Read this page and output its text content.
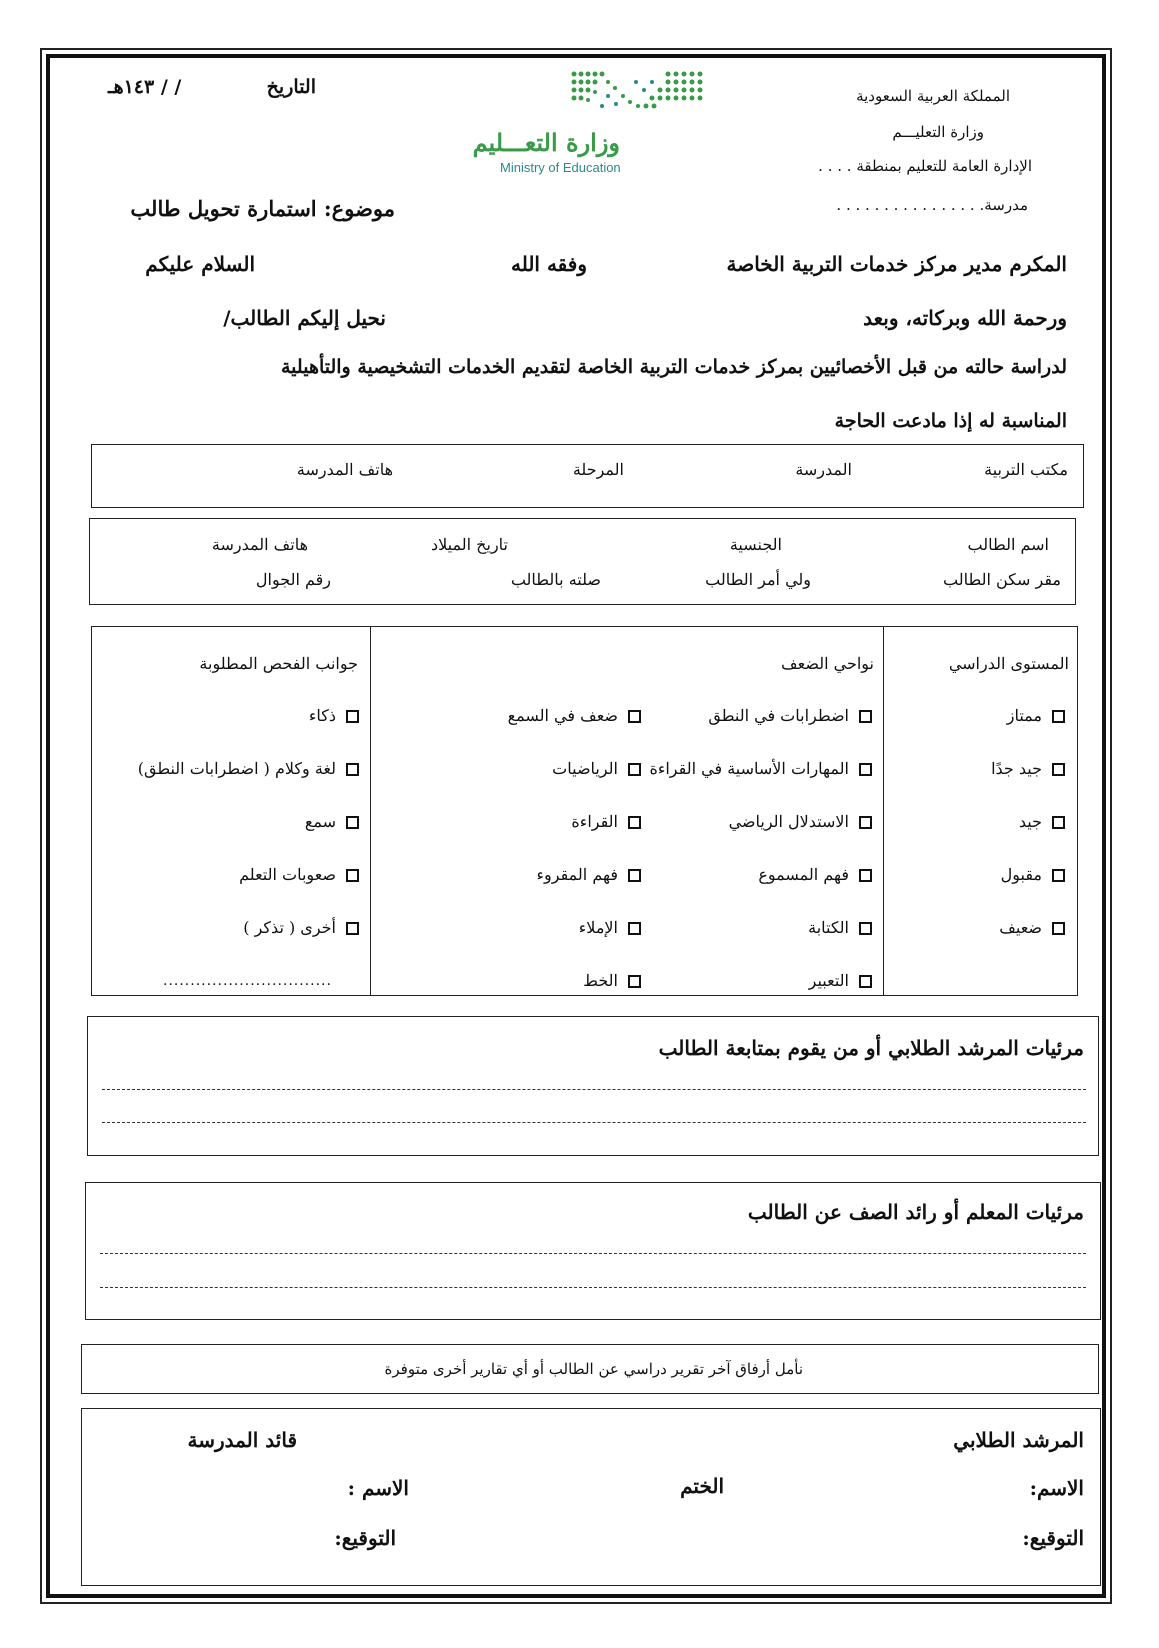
التاريخ
/ / ١٤٣هـ
وزارة التعـــليم
Ministry of Education
المملكة العربية السعودية
وزارة التعليـــم
الإدارة العامة للتعليم بمنطقة . . . .
مدرسة. . . . . . . . . . . . . . . .
موضوع: استمارة تحويل طالب
المكرم مدير مركز خدمات التربية الخاصة
وفقه الله
السلام عليكم
ورحمة الله وبركاته، وبعد
نحيل إليكم الطالب/
لدراسة حالته من قبل الأخصائيين بمركز خدمات التربية الخاصة لتقديم الخدمات التشخيصية والتأهيلية
المناسبة له إذا مادعت الحاجة
مكتب التربية
المدرسة
المرحلة
هاتف المدرسة
اسم الطالب
الجنسية
تاريخ الميلاد
هاتف المدرسة
مقر سكن الطالب
ولي أمر الطالب
صلته بالطالب
رقم الجوال
المستوى الدراسي
نواحي الضعف
جوانب الفحص المطلوبة
ممتاز
جيد جدًا
جيد
مقبول
ضعيف
اضطرابات في النطق
المهارات الأساسية في القراءة
الاستدلال الرياضي
فهم المسموع
الكتابة
التعبير
ضعف في السمع
الرياضيات
القراءة
فهم المقروء
الإملاء
الخط
ذكاء
لغة وكلام ( اضطرابات النطق)
سمع
صعوبات التعلم
أخرى ( تذكر )
...............................
مرئيات المرشد الطلابي أو من يقوم بمتابعة الطالب
مرئيات المعلم أو رائد الصف عن الطالب
نأمل أرفاق آخر تقرير دراسي عن الطالب أو أي تقارير أخرى متوفرة
المرشد الطلابي
قائد المدرسة
الاسم:
الختم
الاسم :
التوقيع:
التوقيع:
